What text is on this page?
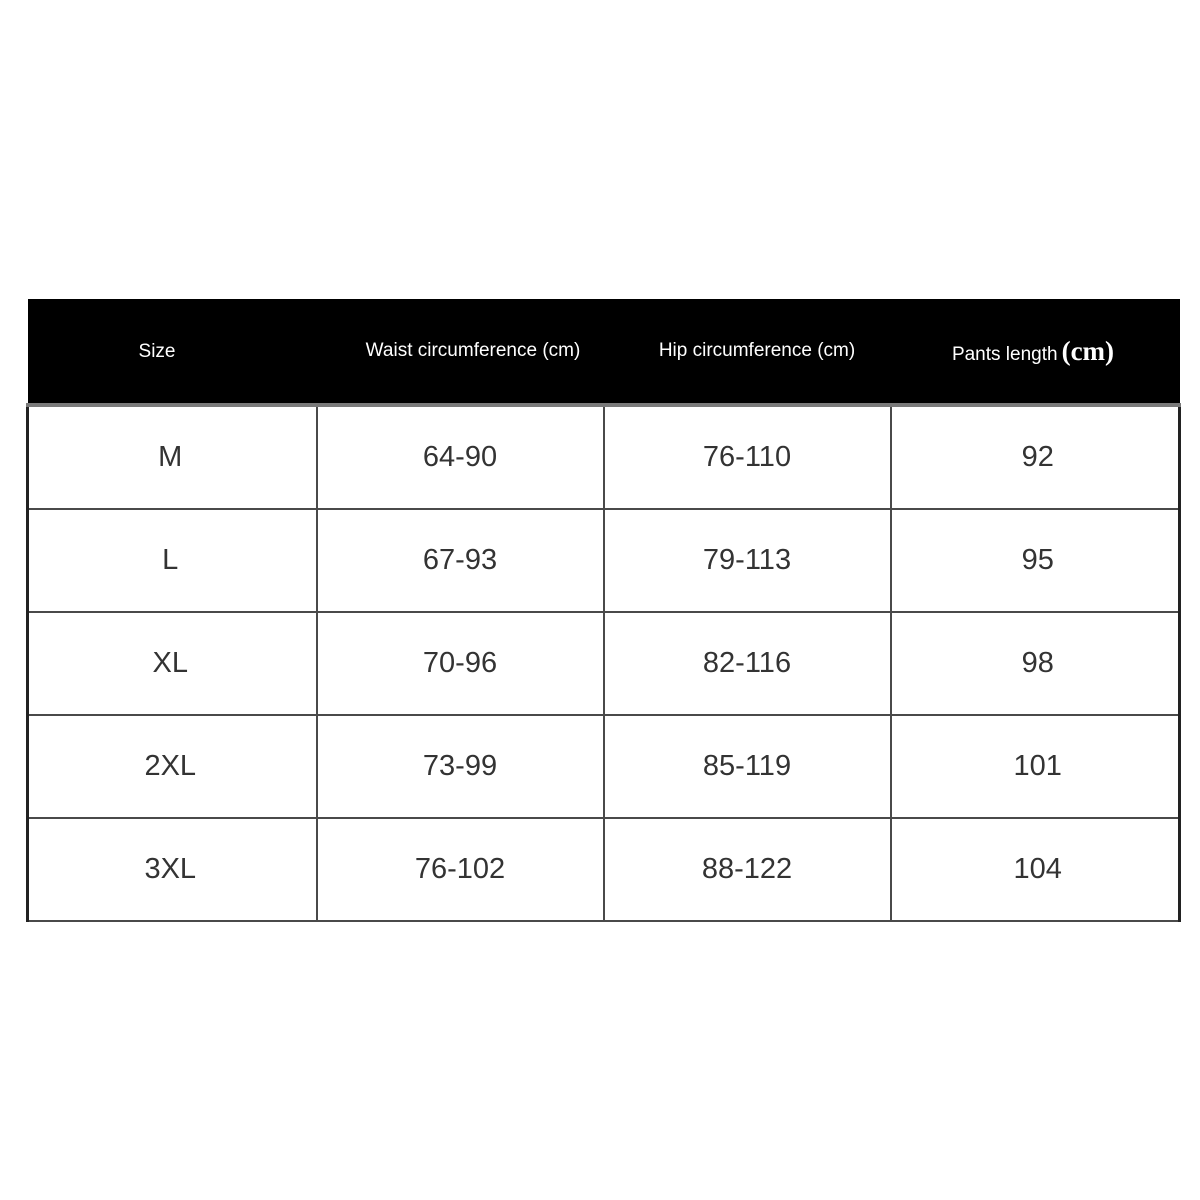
Size	Waist circumference (cm)	Hip circumference (cm)	Pants length (cm)
M	64-90	76-110	92
L	67-93	79-113	95
XL	70-96	82-116	98
2XL	73-99	85-119	101
3XL	76-102	88-122	104
